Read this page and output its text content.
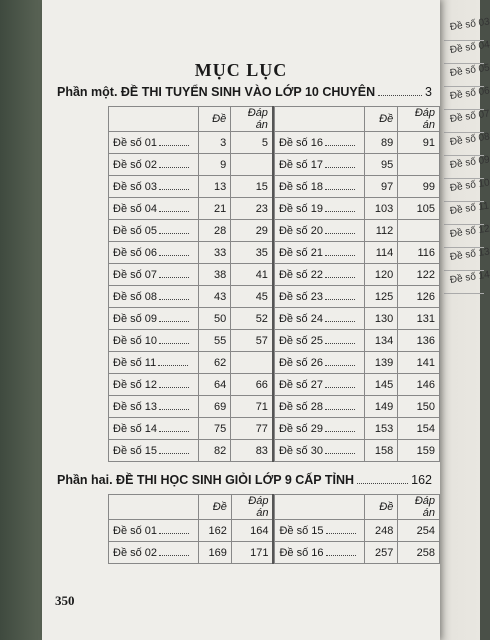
Đề số 03
Đề số 04
Đề số 05
Đề số 06
Đề số 07
Đề số 08
Đề số 09
Đề số 10
Đề số 11
Đề số 12
Đề số 13
Đề số 14
MỤC LỤC
Phần một. ĐỀ THI TUYỂN SINH VÀO LỚP 10 CHUYÊN	3
	Đề	Đáp án			Đề	Đáp án
Đề số 01	3	5		Đề số 16	89	91
Đề số 02	9			Đề số 17	95	
Đề số 03	13	15		Đề số 18	97	99
Đề số 04	21	23		Đề số 19	103	105
Đề số 05	28	29		Đề số 20	112	
Đề số 06	33	35		Đề số 21	114	116
Đề số 07	38	41		Đề số 22	120	122
Đề số 08	43	45		Đề số 23	125	126
Đề số 09	50	52		Đề số 24	130	131
Đề số 10	55	57		Đề số 25	134	136
Đề số 11	62			Đề số 26	139	141
Đề số 12	64	66		Đề số 27	145	146
Đề số 13	69	71		Đề số 28	149	150
Đề số 14	75	77		Đề số 29	153	154
Đề số 15	82	83		Đề số 30	158	159
Phần hai. ĐỀ THI HỌC SINH GIỎI LỚP 9 CẤP TỈNH	162
	Đề	Đáp án			Đề	Đáp án
Đề số 01	162	164		Đề số 15	248	254
Đề số 02	169	171		Đề số 16	257	258
350
